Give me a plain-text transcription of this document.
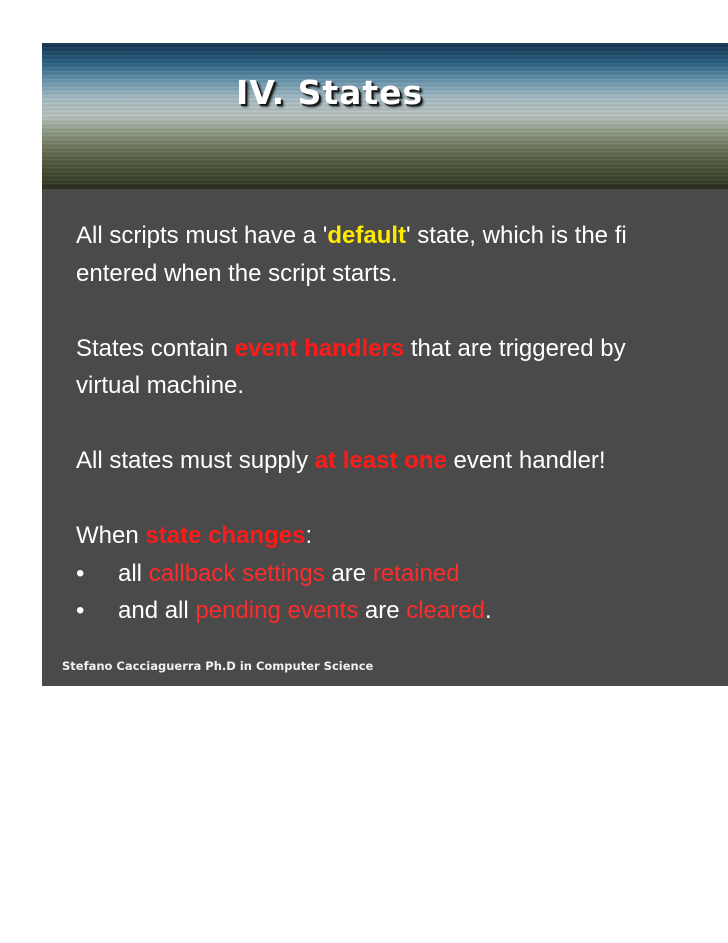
IV. States

All scripts must have a 'default' state, which is the fi
entered when the script starts.

States contain event handlers that are triggered by
virtual machine.

All states must supply at least one event handler!

When state changes:

• all callback settings are retained
• and all pending events are cleared.
Stefano Cacciaguerra Ph.D in Computer Science
